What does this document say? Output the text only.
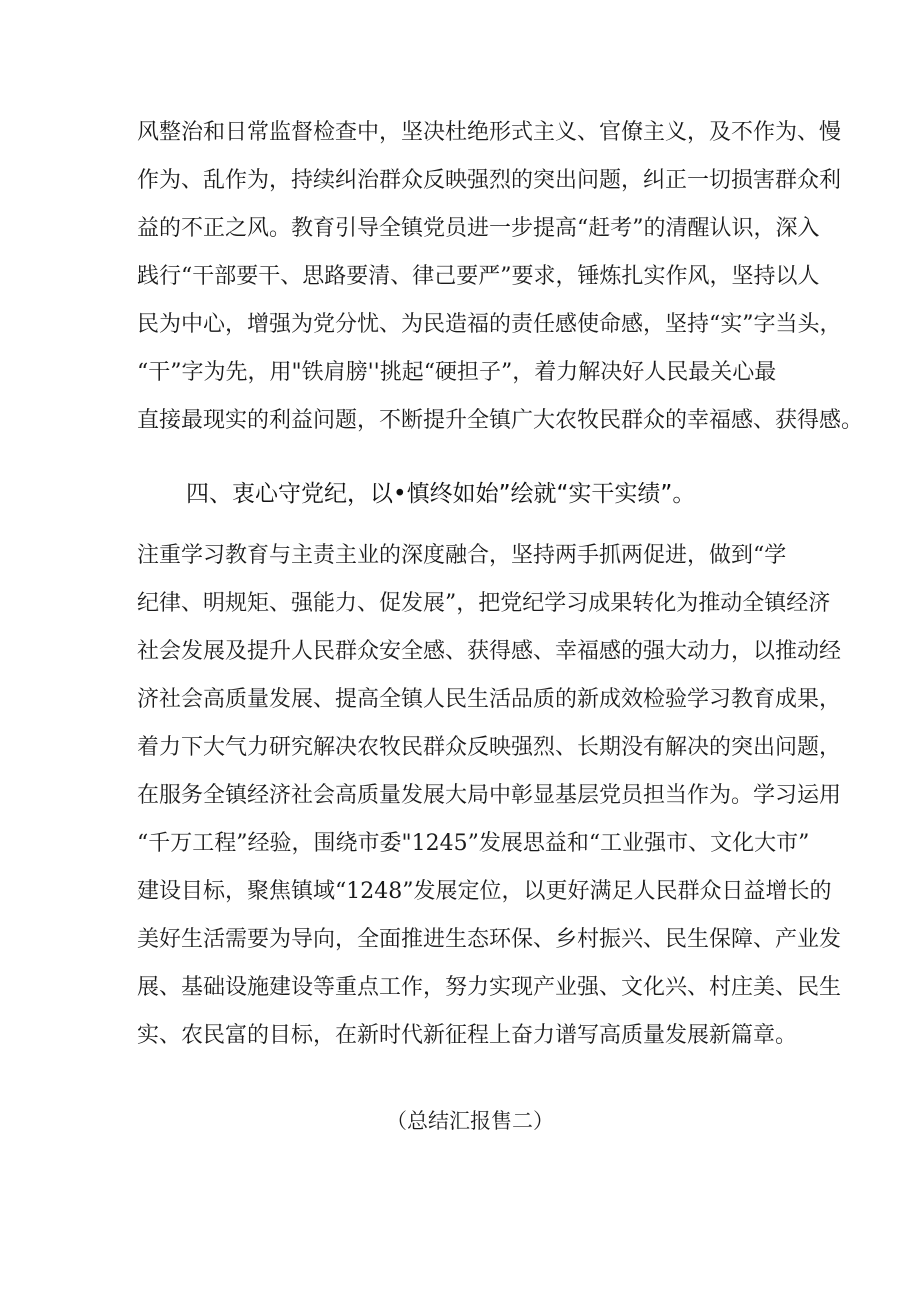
风整治和日常监督检查中，坚决杜绝形式主义、官僚主义，及不作为、慢
作为、乱作为，持续纠治群众反映强烈的突出问题，纠正一切损害群众利
益的不正之风。教育引导全镇党员进一步提高“赶考”的清醒认识，深入
践行“干部要干、思路要清、律己要严”要求，锤炼扎实作风，坚持以人
民为中心，增强为党分忧、为民造福的责任感使命感，坚持“实”字当头，
“干”字为先，用"铁肩膀''挑起“硬担子”，着力解决好人民最关心最
直接最现实的利益问题，不断提升全镇广大农牧民群众的幸福感、获得感。
四、衷心守党纪，以•慎终如始”绘就“实干实绩”。
注重学习教育与主责主业的深度融合，坚持两手抓两促进，做到“学
纪律、明规矩、强能力、促发展”，把党纪学习成果转化为推动全镇经济
社会发展及提升人民群众安全感、获得感、幸福感的强大动力，以推动经
济社会高质量发展、提高全镇人民生活品质的新成效检验学习教育成果，
着力下大气力研究解决农牧民群众反映强烈、长期没有解决的突出问题，
在服务全镇经济社会高质量发展大局中彰显基层党员担当作为。学习运用
“千万工程”经验，围绕市委"1245”发展思益和“工业强市、文化大市”
建设目标，聚焦镇域“1248”发展定位，以更好满足人民群众日益增长的
美好生活需要为导向，全面推进生态环保、乡村振兴、民生保障、产业发
展、基础设施建设等重点工作，努力实现产业强、文化兴、村庄美、民生
实、农民富的目标，在新时代新征程上奋力谱写高质量发展新篇章。
（总结汇报售二）
